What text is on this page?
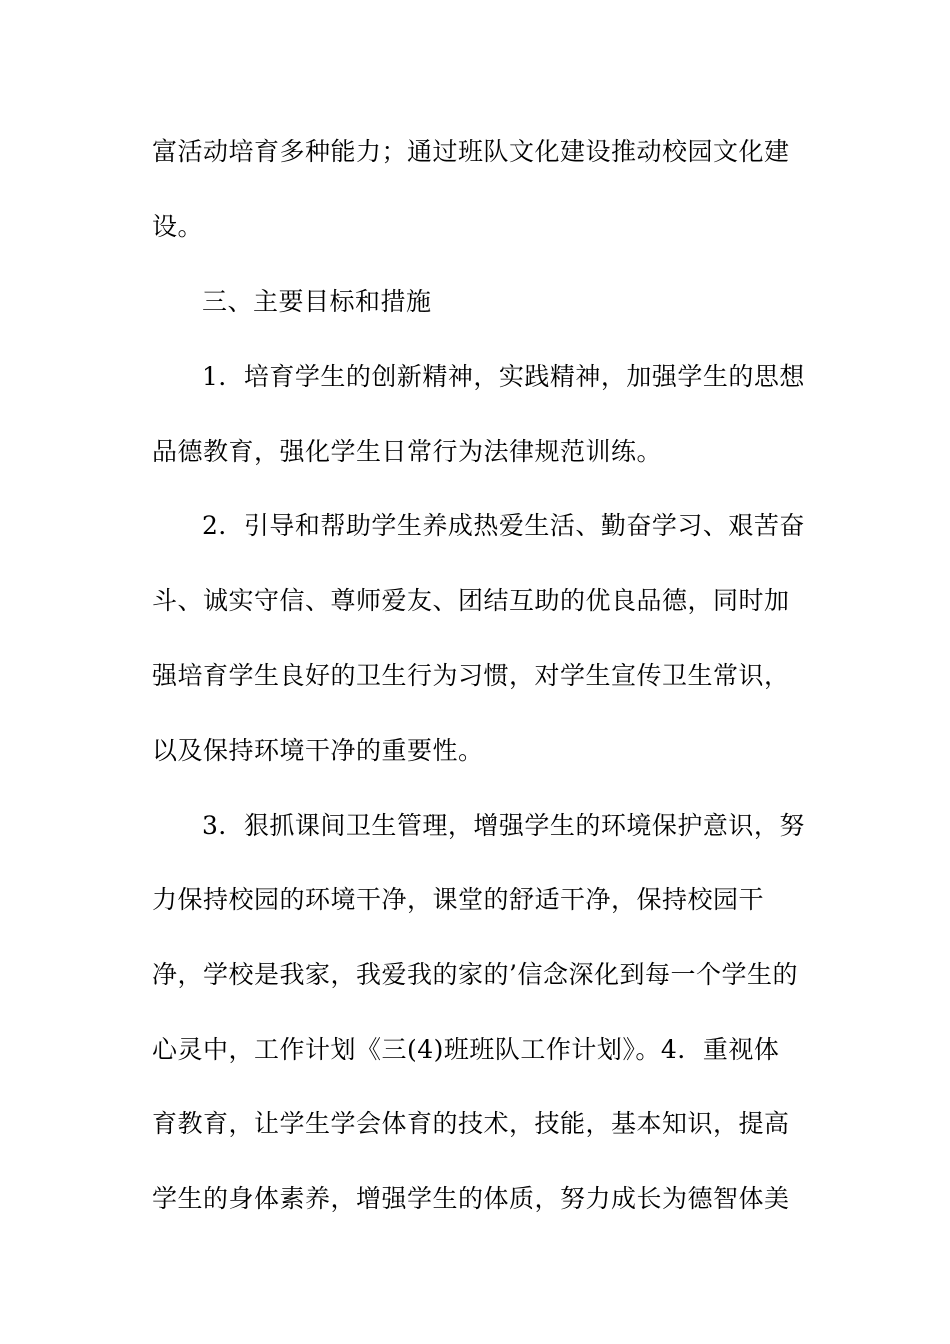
富活动培育多种能力；通过班队文化建设推动校园文化建
设。
三、主要目标和措施
1．培育学生的创新精神，实践精神，加强学生的思想
品德教育，强化学生日常行为法律规范训练。
2．引导和帮助学生养成热爱生活、勤奋学习、艰苦奋
斗、诚实守信、尊师爱友、团结互助的优良品德，同时加
强培育学生良好的卫生行为习惯，对学生宣传卫生常识，
以及保持环境干净的重要性。
3．狠抓课间卫生管理，增强学生的环境保护意识，努
力保持校园的环境干净，课堂的舒适干净，保持校园干
净，学校是我家，我爱我的家的’信念深化到每一个学生的
心灵中，工作计划《三(4)班班队工作计划》。4．重视体
育教育，让学生学会体育的技术，技能，基本知识，提高
学生的身体素养，增强学生的体质，努力成长为德智体美
